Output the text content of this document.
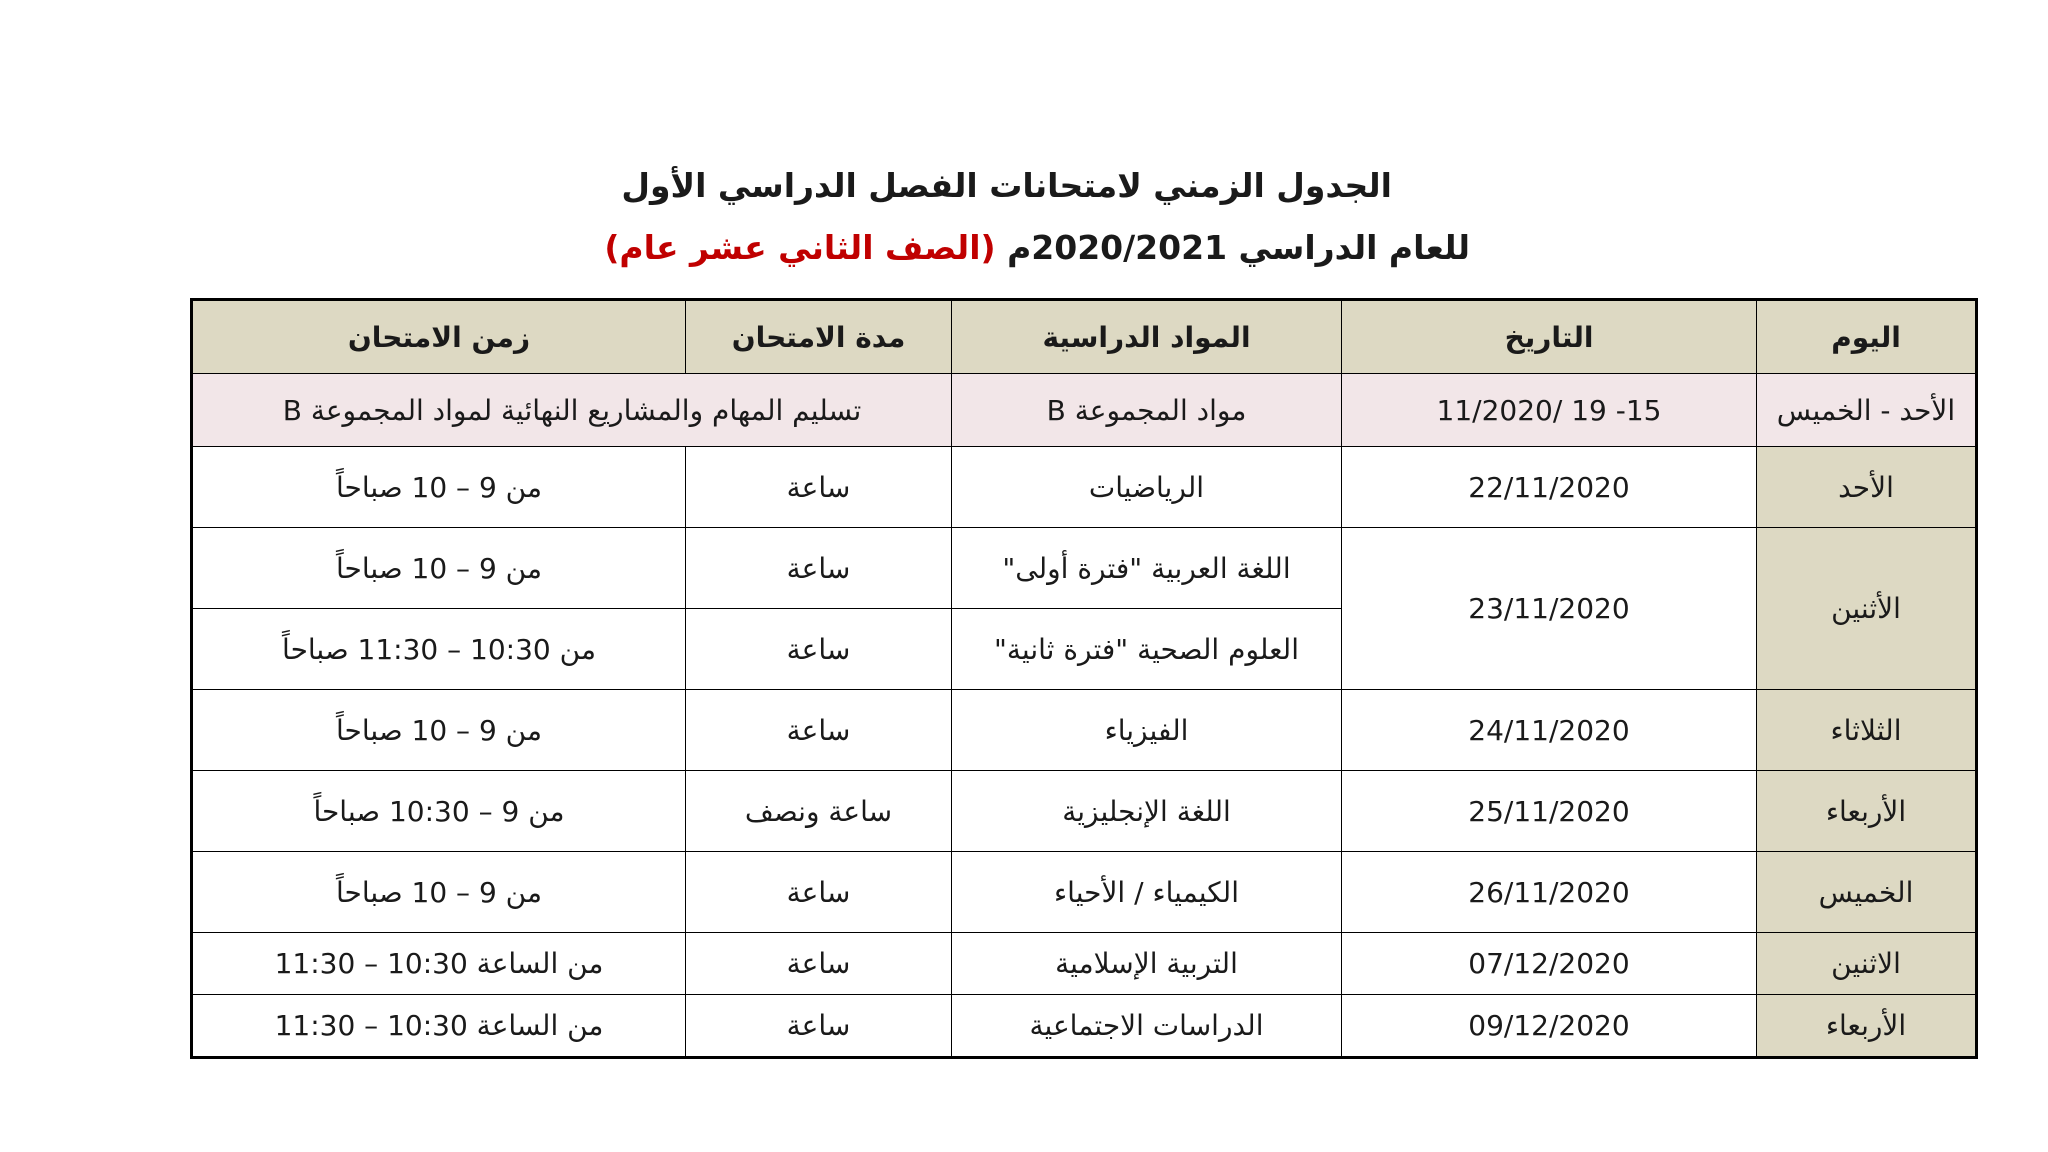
الجدول الزمني لامتحانات الفصل الدراسي الأول
للعام الدراسي 2020/2021م (الصف الثاني عشر عام)
اليوم	التاريخ	المواد الدراسية	مدة الامتحان	زمن الامتحان
الأحد - الخميس	15- 19 /11/2020	مواد المجموعة B	تسليم المهام والمشاريع النهائية لمواد المجموعة B	
الأحد	22/11/2020	الرياضيات	ساعة	من 9 – 10 صباحاً
الأثنين	23/11/2020	اللغة العربية "فترة أولى"	ساعة	من 9 – 10 صباحاً
		العلوم الصحية "فترة ثانية"	ساعة	من 10:30 – 11:30 صباحاً
الثلاثاء	24/11/2020	الفيزياء	ساعة	من 9 – 10 صباحاً
الأربعاء	25/11/2020	اللغة الإنجليزية	ساعة ونصف	من 9 – 10:30 صباحاً
الخميس	26/11/2020	الكيمياء / الأحياء	ساعة	من 9 – 10 صباحاً
الاثنين	07/12/2020	التربية الإسلامية	ساعة	من الساعة 10:30 – 11:30
الأربعاء	09/12/2020	الدراسات الاجتماعية	ساعة	من الساعة 10:30 – 11:30
